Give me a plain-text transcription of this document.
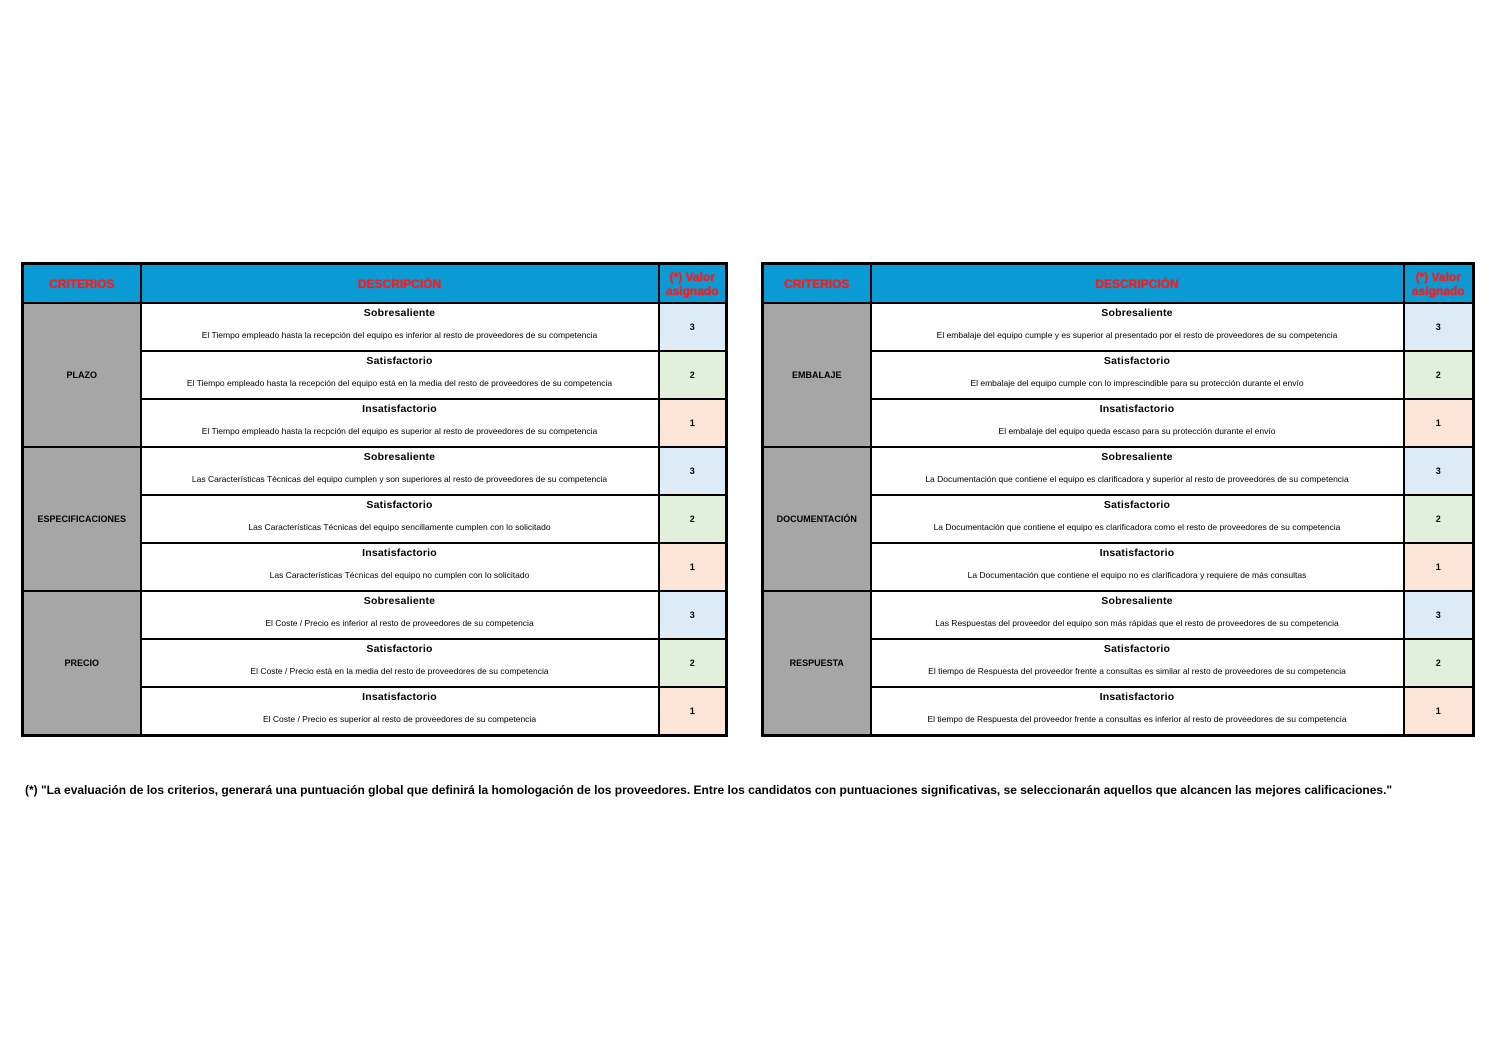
CRITERIOS	DESCRIPCIÓN	(*) Valor asignado
PLAZO	Sobresaliente
El Tiempo empleado hasta la recepción del equipo es inferior al resto de proveedores de su competencia	3

	Satisfactorio
El Tiempo empleado hasta la recepción del equipo está en la media del resto de proveedores de su competencia	2

	Insatisfactorio
El Tiempo empleado hasta la recpción del equipo es superior al resto de proveedores de su competencia	1
ESPECIFICACIONES	Sobresaliente
Las Características Técnicas del equipo cumplen y son superiores al resto de proveedores de su competencia	3

	Satisfactorio
Las Características Técnicas del equipo sencillamente cumplen con lo solicitado	2

	Insatisfactorio
Las Características Técnicas del equipo no cumplen con lo solicitado	1
PRECIO	Sobresaliente
El Coste / Precio es inferior al resto de proveedores de su competencia	3

	Satisfactorio
El Coste / Precio está en la media del resto de proveedores de su competencia	2

	Insatisfactorio
El Coste / Precio es superior al resto de proveedores de su competencia	1
CRITERIOS	DESCRIPCIÓN	(*) Valor asignado
EMBALAJE	Sobresaliente
El embalaje del equipo cumple y es superior al presentado por el resto de proveedores de su competencia	3

	Satisfactorio
El embalaje del equipo cumple con lo imprescindible para su protección durante el envío	2

	Insatisfactorio
El embalaje del equipo queda escaso para su protección durante el envío	1
DOCUMENTACIÓN	Sobresaliente
La Documentación que contiene el equipo es clarificadora y superior al resto de proveedores de su competencia	3

	Satisfactorio
La Documentación que contiene el equipo es clarificadora como el resto de proveedores de su competencia	2

	Insatisfactorio
La Documentación que contiene el equipo no es clarificadora y requiere de más consultas	1
RESPUESTA	Sobresaliente
Las Respuestas del proveedor del equipo son más rápidas que el resto de proveedores de su competencia	3

	Satisfactorio
El tiempo de Respuesta del proveedor frente a consultas es similar al resto de proveedores de su competencia	2

	Insatisfactorio
El tiempo de Respuesta del proveedor frente a consultas es inferior al resto de proveedores de su competencia	1
(*) "La evaluación de los criterios, generará una puntuación global que definirá la homologación de los proveedores. Entre los candidatos con puntuaciones significativas, se seleccionarán aquellos que alcancen las mejores calificaciones."
